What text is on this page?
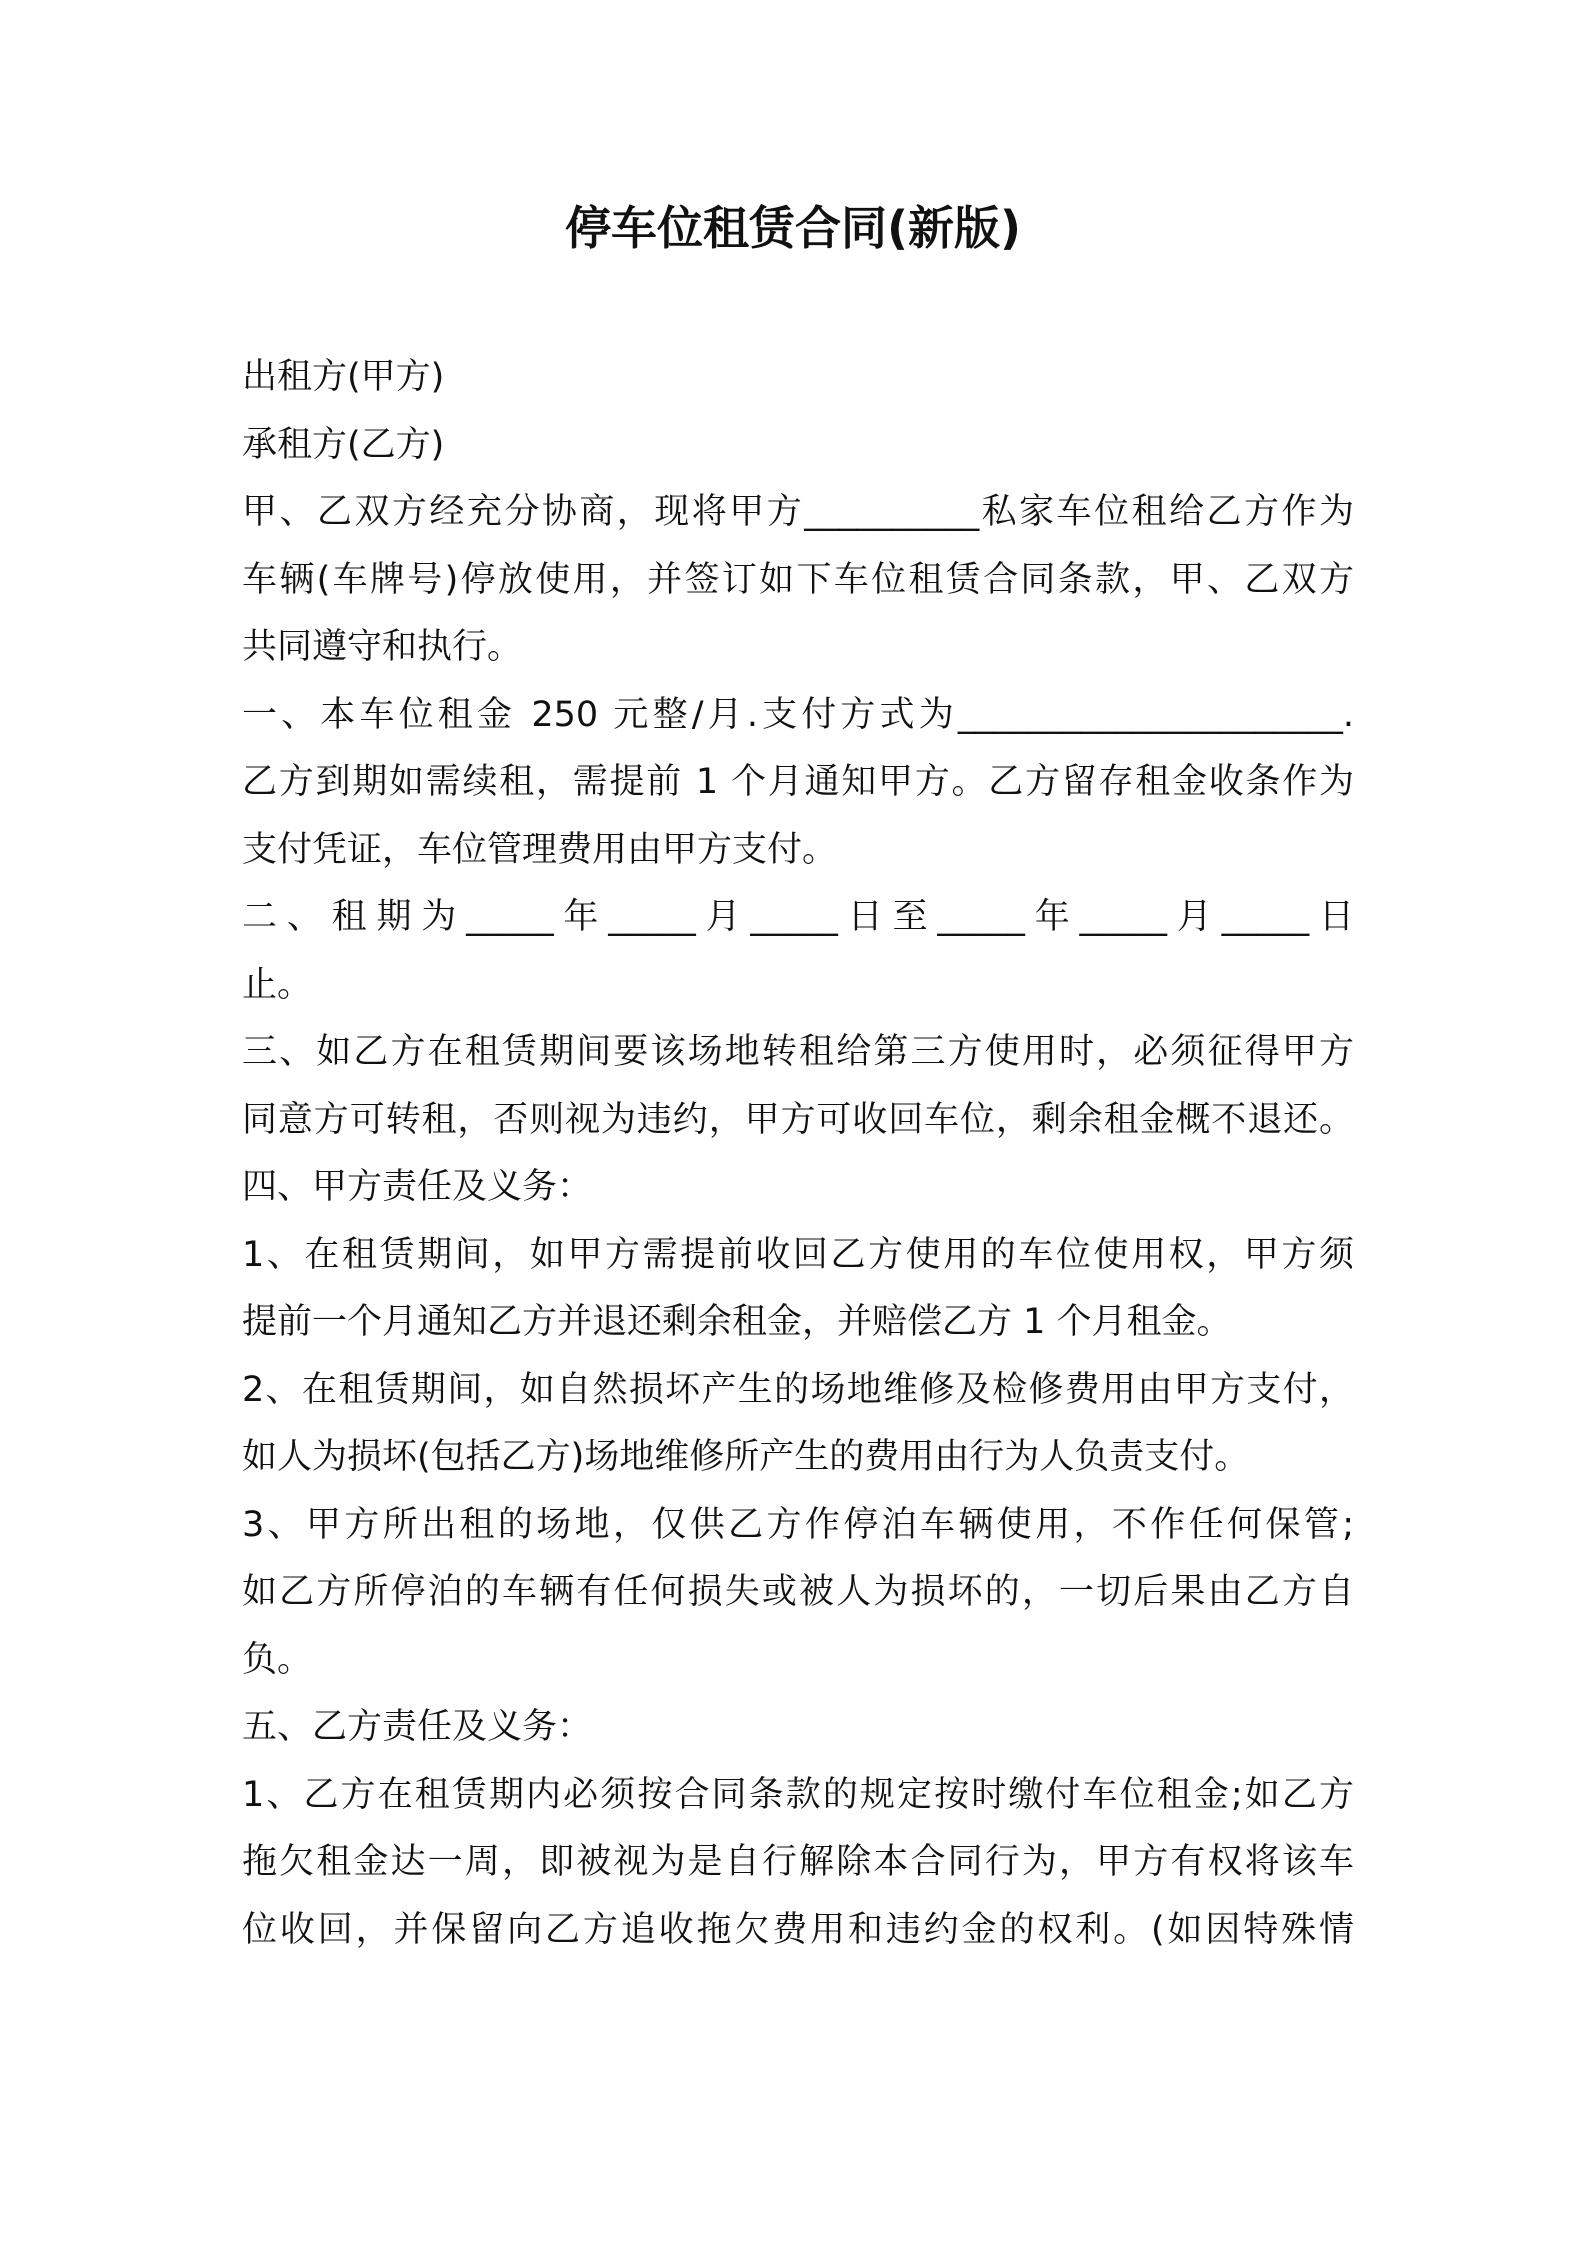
停车位租赁合同(新版)
出租方(甲方)
承租方(乙方)
甲、乙双方经充分协商，现将甲方__________私家车位租给乙方作为
车辆(车牌号)停放使用，并签订如下车位租赁合同条款，甲、乙双方
共同遵守和执行。
一、本车位租金 250 元整/月.支付方式为______________________.
乙方到期如需续租，需提前 1 个月通知甲方。乙方留存租金收条作为
支付凭证，车位管理费用由甲方支付。
二、租期为_____年_____月_____日至_____年_____月_____日
止。
三、如乙方在租赁期间要该场地转租给第三方使用时，必须征得甲方
同意方可转租，否则视为违约，甲方可收回车位，剩余租金概不退还。
四、甲方责任及义务：
1、在租赁期间，如甲方需提前收回乙方使用的车位使用权，甲方须
提前一个月通知乙方并退还剩余租金，并赔偿乙方 1 个月租金。
2、在租赁期间，如自然损坏产生的场地维修及检修费用由甲方支付，
如人为损坏(包括乙方)场地维修所产生的费用由行为人负责支付。
3、甲方所出租的场地，仅供乙方作停泊车辆使用，不作任何保管;
如乙方所停泊的车辆有任何损失或被人为损坏的，一切后果由乙方自
负。
五、乙方责任及义务：
1、乙方在租赁期内必须按合同条款的规定按时缴付车位租金;如乙方
拖欠租金达一周，即被视为是自行解除本合同行为，甲方有权将该车
位收回，并保留向乙方追收拖欠费用和违约金的权利。(如因特殊情
